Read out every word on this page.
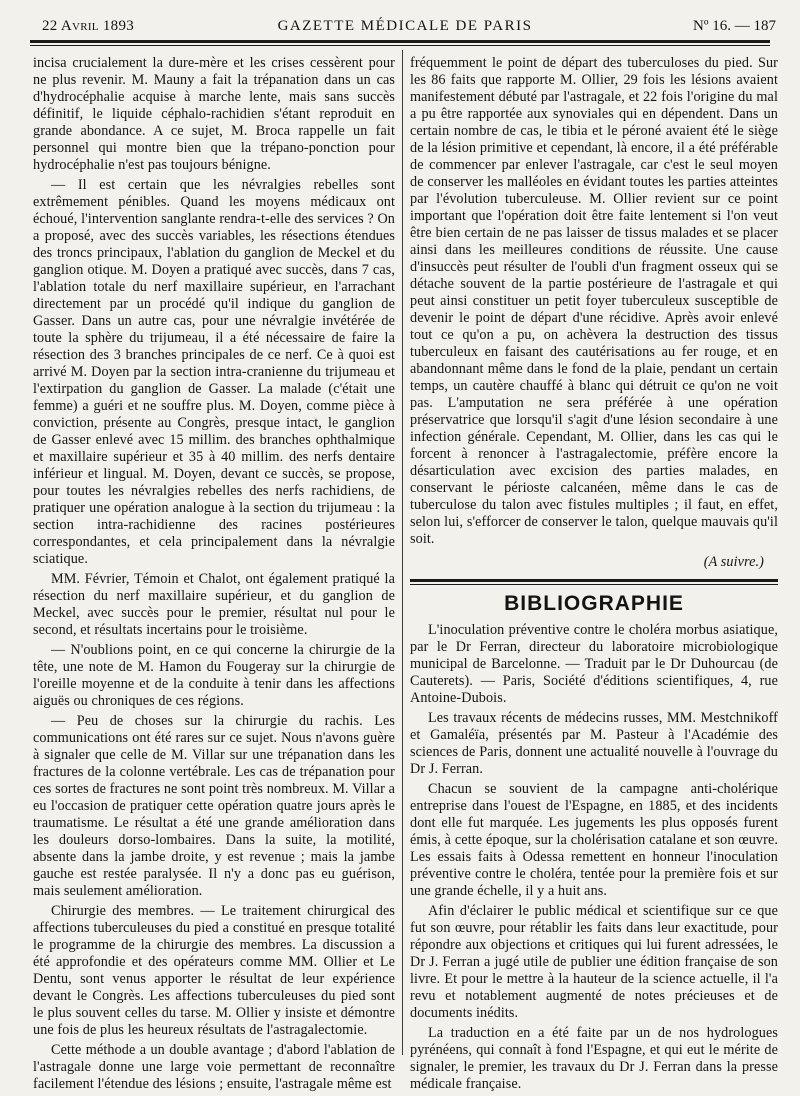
22 Avril 1893	GAZETTE MÉDICALE DE PARIS	Nº 16. — 187

incisa crucialement la dure-mère et les crises cessèrent pour ne plus revenir. M. Mauny a fait la trépanation dans un cas d'hydrocéphalie acquise à marche lente, mais sans succès définitif, le liquide céphalo-rachidien s'étant reproduit en grande abondance. A ce sujet, M. Broca rappelle un fait personnel qui montre bien que la trépano-ponction pour hydrocéphalie n'est pas toujours bénigne.

— Il est certain que les névralgies rebelles sont extrêmement pénibles. Quand les moyens médicaux ont échoué, l'intervention sanglante rendra-t-elle des services ? On a proposé, avec des succès variables, les résections étendues des troncs principaux, l'ablation du ganglion de Meckel et du ganglion otique. M. Doyen a pratiqué avec succès, dans 7 cas, l'ablation totale du nerf maxillaire supérieur, en l'arrachant directement par un procédé qu'il indique du ganglion de Gasser. Dans un autre cas, pour une névralgie invétérée de toute la sphère du trijumeau, il a été nécessaire de faire la résection des 3 branches principales de ce nerf. Ce à quoi est arrivé M. Doyen par la section intra-cranienne du trijumeau et l'extirpation du ganglion de Gasser. La malade (c'était une femme) a guéri et ne souffre plus. M. Doyen, comme pièce à conviction, présente au Congrès, presque intact, le ganglion de Gasser enlevé avec 15 millim. des branches ophthalmique et maxillaire supérieur et 35 à 40 millim. des nerfs dentaire inférieur et lingual. M. Doyen, devant ce succès, se propose, pour toutes les névralgies rebelles des nerfs rachidiens, de pratiquer une opération analogue à la section du trijumeau : la section intra-rachidienne des racines postérieures correspondantes, et cela principalement dans la névralgie sciatique.

MM. Février, Témoin et Chalot, ont également pratiqué la résection du nerf maxillaire supérieur, et du ganglion de Meckel, avec succès pour le premier, résultat nul pour le second, et résultats incertains pour le troisième.

— N'oublions point, en ce qui concerne la chirurgie de la tête, une note de M. Hamon du Fougeray sur la chirurgie de l'oreille moyenne et de la conduite à tenir dans les affections aiguës ou chroniques de ces régions.

— Peu de choses sur la chirurgie du rachis. Les communications ont été rares sur ce sujet. Nous n'avons guère à signaler que celle de M. Villar sur une trépanation dans les fractures de la colonne vertébrale. Les cas de trépanation pour ces sortes de fractures ne sont point très nombreux. M. Villar a eu l'occasion de pratiquer cette opération quatre jours après le traumatisme. Le résultat a été une grande amélioration dans les douleurs dorso-lombaires. Dans la suite, la motilité, absente dans la jambe droite, y est revenue ; mais la jambe gauche est restée paralysée. Il n'y a donc pas eu guérison, mais seulement amélioration.

Chirurgie des membres. — Le traitement chirurgical des affections tuberculeuses du pied a constitué en presque totalité le programme de la chirurgie des membres. La discussion a été approfondie et des opérateurs comme MM. Ollier et Le Dentu, sont venus apporter le résultat de leur expérience devant le Congrès. Les affections tuberculeuses du pied sont le plus souvent celles du tarse. M. Ollier y insiste et démontre une fois de plus les heureux résultats de l'astragalectomie.

Cette méthode a un double avantage ; d'abord l'ablation de l'astragale donne une large voie permettant de reconnaître facilement l'étendue des lésions ; ensuite, l'astragale même est

fréquemment le point de départ des tuberculoses du pied. Sur les 86 faits que rapporte M. Ollier, 29 fois les lésions avaient manifestement débuté par l'astragale, et 22 fois l'origine du mal a pu être rapportée aux synoviales qui en dépendent. Dans un certain nombre de cas, le tibia et le péroné avaient été le siège de la lésion primitive et cependant, là encore, il a été préférable de commencer par enlever l'astragale, car c'est le seul moyen de conserver les malléoles en évidant toutes les parties atteintes par l'évolution tuberculeuse. M. Ollier revient sur ce point important que l'opération doit être faite lentement si l'on veut être bien certain de ne pas laisser de tissus malades et se placer ainsi dans les meilleures conditions de réussite. Une cause d'insuccès peut résulter de l'oubli d'un fragment osseux qui se détache souvent de la partie postérieure de l'astragale et qui peut ainsi constituer un petit foyer tuberculeux susceptible de devenir le point de départ d'une récidive. Après avoir enlevé tout ce qu'on a pu, on achèvera la destruction des tissus tuberculeux en faisant des cautérisations au fer rouge, et en abandonnant même dans le fond de la plaie, pendant un certain temps, un cautère chauffé à blanc qui détruit ce qu'on ne voit pas. L'amputation ne sera préférée à une opération préservatrice que lorsqu'il s'agit d'une lésion secondaire à une infection générale. Cependant, M. Ollier, dans les cas qui le forcent à renoncer à l'astragalectomie, préfère encore la désarticulation avec excision des parties malades, en conservant le périoste calcanéen, même dans le cas de tuberculose du talon avec fistules multiples ; il faut, en effet, selon lui, s'efforcer de conserver le talon, quelque mauvais qu'il soit.

(A suivre.)
BIBLIOGRAPHIE

L'inoculation préventive contre le choléra morbus asiatique, par le Dr Ferran, directeur du laboratoire microbiologique municipal de Barcelonne. — Traduit par le Dr Duhourcau (de Cauterets). — Paris, Société d'éditions scientifiques, 4, rue Antoine-Dubois.

Les travaux récents de médecins russes, MM. Mestchnikoff et Gamaléïa, présentés par M. Pasteur à l'Académie des sciences de Paris, donnent une actualité nouvelle à l'ouvrage du Dr J. Ferran.

Chacun se souvient de la campagne anti-cholérique entreprise dans l'ouest de l'Espagne, en 1885, et des incidents dont elle fut marquée. Les jugements les plus opposés furent émis, à cette époque, sur la cholérisation catalane et son œuvre. Les essais faits à Odessa remettent en honneur l'inoculation préventive contre le choléra, tentée pour la première fois et sur une grande échelle, il y a huit ans.

Afin d'éclairer le public médical et scientifique sur ce que fut son œuvre, pour rétablir les faits dans leur exactitude, pour répondre aux objections et critiques qui lui furent adressées, le Dr J. Ferran a jugé utile de publier une édition française de son livre. Et pour le mettre à la hauteur de la science actuelle, il l'a revu et notablement augmenté de notes précieuses et de documents inédits.

La traduction en a été faite par un de nos hydrologues pyrénéens, qui connaît à fond l'Espagne, et qui eut le mérite de signaler, le premier, les travaux du Dr J. Ferran dans la presse médicale française.
